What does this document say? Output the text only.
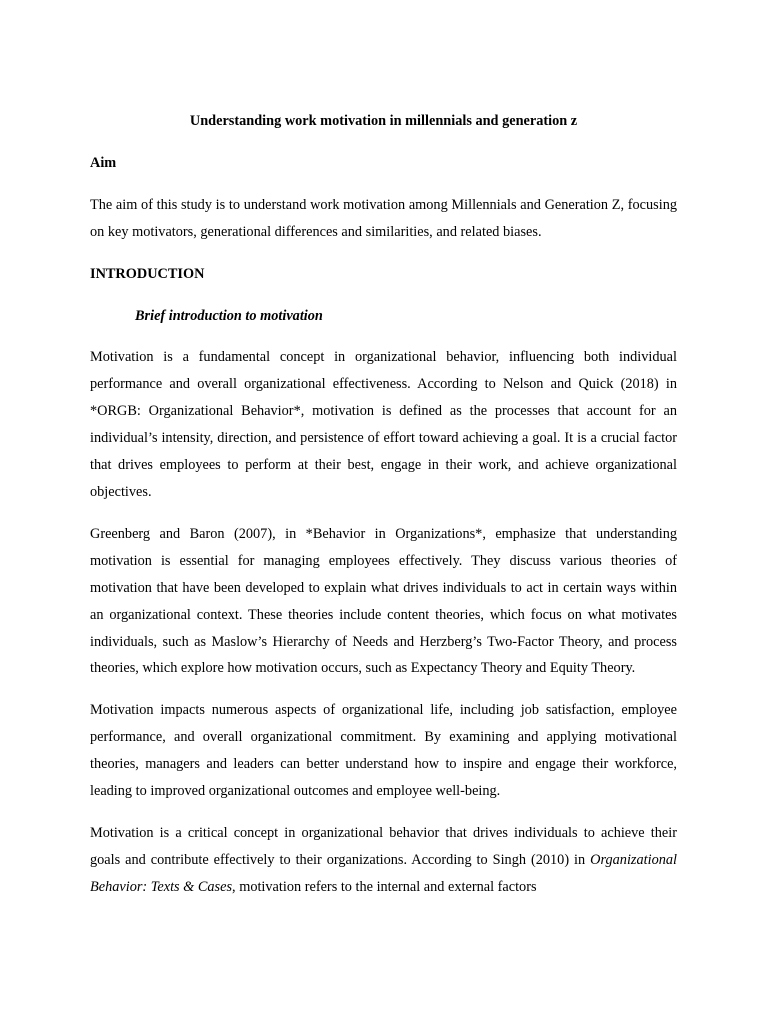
Understanding work motivation in millennials and generation z
Aim

The aim of this study is to understand work motivation among Millennials and Generation Z, focusing on key motivators, generational differences and similarities, and related biases.

INTRODUCTION
Brief introduction to motivation

Motivation is a fundamental concept in organizational behavior, influencing both individual performance and overall organizational effectiveness. According to Nelson and Quick (2018) in *ORGB: Organizational Behavior*, motivation is defined as the processes that account for an individual’s intensity, direction, and persistence of effort toward achieving a goal. It is a crucial factor that drives employees to perform at their best, engage in their work, and achieve organizational objectives.

Greenberg and Baron (2007), in *Behavior in Organizations*, emphasize that understanding motivation is essential for managing employees effectively. They discuss various theories of motivation that have been developed to explain what drives individuals to act in certain ways within an organizational context. These theories include content theories, which focus on what motivates individuals, such as Maslow’s Hierarchy of Needs and Herzberg’s Two-Factor Theory, and process theories, which explore how motivation occurs, such as Expectancy Theory and Equity Theory.

Motivation impacts numerous aspects of organizational life, including job satisfaction, employee performance, and overall organizational commitment. By examining and applying motivational theories, managers and leaders can better understand how to inspire and engage their workforce, leading to improved organizational outcomes and employee well-being.

Motivation is a critical concept in organizational behavior that drives individuals to achieve their goals and contribute effectively to their organizations. According to Singh (2010) in Organizational Behavior: Texts & Cases, motivation refers to the internal and external factors
